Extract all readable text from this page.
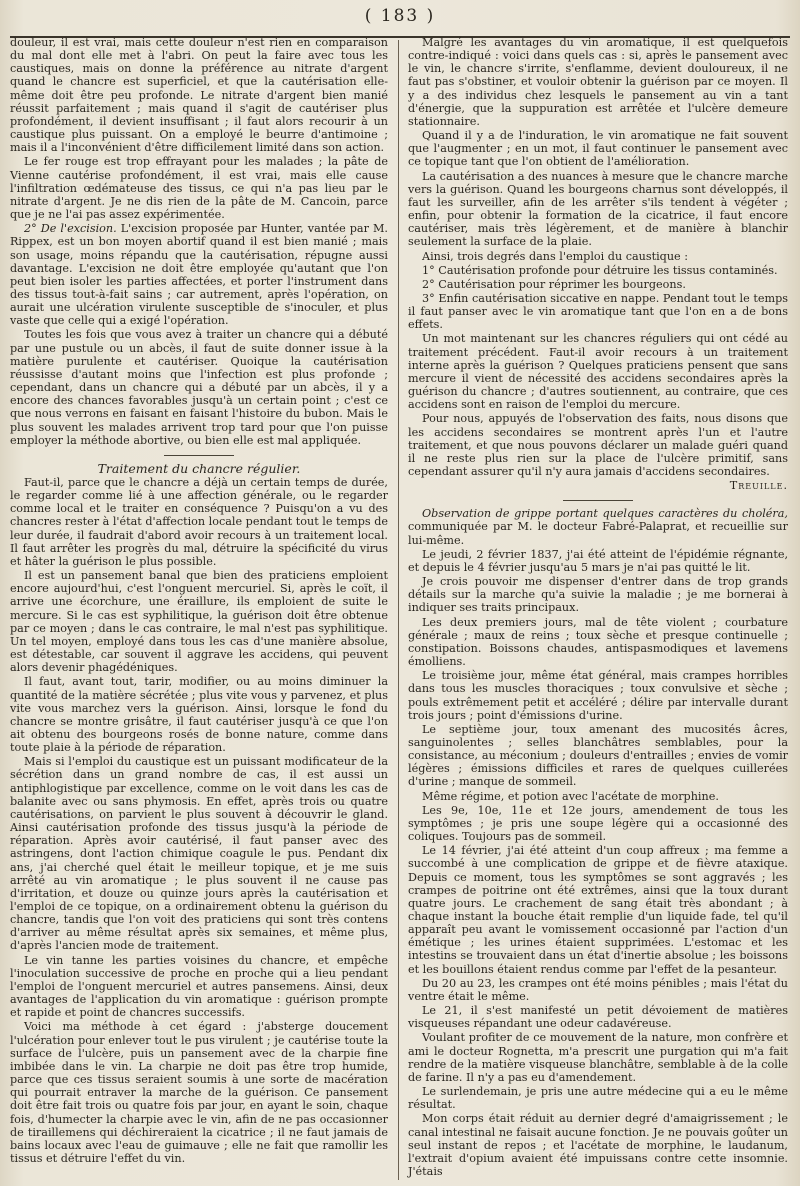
( 183 )

douleur, il est vrai, mais cette douleur n'est rien en comparaison du mal dont elle met à l'abri. On peut la faire avec tous les caustiques, mais on donne la préférence au nitrate d'argent quand le chancre est superficiel, et que la cautérisation elle-même doit être peu profonde. Le nitrate d'argent bien manié réussit parfaitement ; mais quand il s'agit de cautériser plus profondément, il devient insuffisant ; il faut alors recourir à un caustique plus puissant. On a employé le beurre d'antimoine ; mais il a l'inconvénient d'être difficilement limité dans son action.

Le fer rouge est trop effrayant pour les malades ; la pâte de Vienne cautérise profondément, il est vrai, mais elle cause l'infiltration œdémateuse des tissus, ce qui n'a pas lieu par le nitrate d'argent. Je ne dis rien de la pâte de M. Cancoin, parce que je ne l'ai pas assez expérimentée.

2° De l'excision. L'excision proposée par Hunter, vantée par M. Rippex, est un bon moyen abortif quand il est bien manié ; mais son usage, moins répandu que la cautérisation, répugne aussi davantage. L'excision ne doit être employée qu'autant que l'on peut bien isoler les parties affectées, et porter l'instrument dans des tissus tout-à-fait sains ; car autrement, après l'opération, on aurait une ulcération virulente susceptible de s'inoculer, et plus vaste que celle qui a exigé l'opération.

Toutes les fois que vous avez à traiter un chancre qui a débuté par une pustule ou un abcès, il faut de suite donner issue à la matière purulente et cautériser. Quoique la cautérisation réussisse d'autant moins que l'infection est plus profonde ; cependant, dans un chancre qui a débuté par un abcès, il y a encore des chances favorables jusqu'à un certain point ; c'est ce que nous verrons en faisant en faisant l'histoire du bubon. Mais le plus souvent les malades arrivent trop tard pour que l'on puisse employer la méthode abortive, ou bien elle est mal appliquée.

Traitement du chancre régulier.

Faut-il, parce que le chancre a déjà un certain temps de durée, le regarder comme lié à une affection générale, ou le regarder comme local et le traiter en conséquence ? Puisqu'on a vu des chancres rester à l'état d'affection locale pendant tout le temps de leur durée, il faudrait d'abord avoir recours à un traitement local. Il faut arrêter les progrès du mal, détruire la spécificité du virus et hâter la guérison le plus possible.

Il est un pansement banal que bien des praticiens emploient encore aujourd'hui, c'est l'onguent mercuriel. Si, après le coït, il arrive une écorchure, une éraillure, ils emploient de suite le mercure. Si le cas est syphilitique, la guérison doit être obtenue par ce moyen ; dans le cas contraire, le mal n'est pas syphilitique. Un tel moyen, employé dans tous les cas d'une manière absolue, est détestable, car souvent il aggrave les accidens, qui peuvent alors devenir phagédéniques.

Il faut, avant tout, tarir, modifier, ou au moins diminuer la quantité de la matière sécrétée ; plus vite vous y parvenez, et plus vite vous marchez vers la guérison. Ainsi, lorsque le fond du chancre se montre grisâtre, il faut cautériser jusqu'à ce que l'on ait obtenu des bourgeons rosés de bonne nature, comme dans toute plaie à la période de réparation.

Mais si l'emploi du caustique est un puissant modificateur de la sécrétion dans un grand nombre de cas, il est aussi un antiphlogistique par excellence, comme on le voit dans les cas de balanite avec ou sans phymosis. En effet, après trois ou quatre cautérisations, on parvient le plus souvent à découvrir le gland. Ainsi cautérisation profonde des tissus jusqu'à la période de réparation. Après avoir cautérisé, il faut panser avec des astringens, dont l'action chimique coagule le pus. Pendant dix ans, j'ai cherché quel était le meilleur topique, et je me suis arrêté au vin aromatique ; le plus souvent il ne cause pas d'irritation, et douze ou quinze jours après la cautérisation et l'emploi de ce topique, on a ordinairement obtenu la guérison du chancre, tandis que l'on voit des praticiens qui sont très contens d'arriver au même résultat après six semaines, et même plus, d'après l'ancien mode de traitement.

Le vin tanne les parties voisines du chancre, et empêche l'inoculation successive de proche en proche qui a lieu pendant l'emploi de l'onguent mercuriel et autres pansemens. Ainsi, deux avantages de l'application du vin aromatique : guérison prompte et rapide et point de chancres successifs.

Voici ma méthode à cet égard : j'absterge doucement l'ulcération pour enlever tout le pus virulent ; je cautérise toute la surface de l'ulcère, puis un pansement avec de la charpie fine imbibée dans le vin. La charpie ne doit pas être trop humide, parce que ces tissus seraient soumis à une sorte de macération qui pourrait entraver la marche de la guérison. Ce pansement doit être fait trois ou quatre fois par jour, en ayant le soin, chaque fois, d'humecter la charpie avec le vin, afin de ne pas occasionner de tiraillemens qui déchireraient la cicatrice ; il ne faut jamais de bains locaux avec l'eau de guimauve ; elle ne fait que ramollir les tissus et détruire l'effet du vin.

Malgré les avantages du vin aromatique, il est quelquefois contre-indiqué : voici dans quels cas : si, après le pansement avec le vin, le chancre s'irrite, s'enflamme, devient douloureux, il ne faut pas s'obstiner, et vouloir obtenir la guérison par ce moyen. Il y a des individus chez lesquels le pansement au vin a tant d'énergie, que la suppuration est arrêtée et l'ulcère demeure stationnaire.

Quand il y a de l'induration, le vin aromatique ne fait souvent que l'augmenter ; en un mot, il faut continuer le pansement avec ce topique tant que l'on obtient de l'amélioration.

La cautérisation a des nuances à mesure que le chancre marche vers la guérison. Quand les bourgeons charnus sont développés, il faut les surveiller, afin de les arrêter s'ils tendent à végéter ; enfin, pour obtenir la formation de la cicatrice, il faut encore cautériser, mais très légèrement, et de manière à blanchir seulement la surface de la plaie.

Ainsi, trois degrés dans l'emploi du caustique :

1° Cautérisation profonde pour détruire les tissus contaminés.

2° Cautérisation pour réprimer les bourgeons.

3° Enfin cautérisation siccative en nappe. Pendant tout le temps il faut panser avec le vin aromatique tant que l'on en a de bons effets.

Un mot maintenant sur les chancres réguliers qui ont cédé au traitement précédent. Faut-il avoir recours à un traitement interne après la guérison ? Quelques praticiens pensent que sans mercure il vient de nécessité des accidens secondaires après la guérison du chancre ; d'autres soutiennent, au contraire, que ces accidens sont en raison de l'emploi du mercure.

Pour nous, appuyés de l'observation des faits, nous disons que les accidens secondaires se montrent après l'un et l'autre traitement, et que nous pouvons déclarer un malade guéri quand il ne reste plus rien sur la place de l'ulcère primitif, sans cependant assurer qu'il n'y aura jamais d'accidens secondaires.

Treuille.

Observation de grippe portant quelques caractères du choléra, communiquée par M. le docteur Fabré-Palaprat, et recueillie sur lui-même.

Le jeudi, 2 février 1837, j'ai été atteint de l'épidémie régnante, et depuis le 4 février jusqu'au 5 mars je n'ai pas quitté le lit.

Je crois pouvoir me dispenser d'entrer dans de trop grands détails sur la marche qu'a suivie la maladie ; je me bornerai à indiquer ses traits principaux.

Les deux premiers jours, mal de tête violent ; courbature générale ; maux de reins ; toux sèche et presque continuelle ; constipation. Boissons chaudes, antispasmodiques et lavemens émolliens.

Le troisième jour, même état général, mais crampes horribles dans tous les muscles thoraciques ; toux convulsive et sèche ; pouls extrêmement petit et accéléré ; délire par intervalle durant trois jours ; point d'émissions d'urine.

Le septième jour, toux amenant des mucosités âcres, sanguinolentes ; selles blanchâtres semblables, pour la consistance, au méconium ; douleurs d'entrailles ; envies de vomir légères ; émissions difficiles et rares de quelques cuillerées d'urine ; manque de sommeil.

Même régime, et potion avec l'acétate de morphine.

Les 9e, 10e, 11e et 12e jours, amendement de tous les symptômes ; je pris une soupe légère qui a occasionné des coliques. Toujours pas de sommeil.

Le 14 février, j'ai été atteint d'un coup affreux ; ma femme a succombé à une complication de grippe et de fièvre ataxique. Depuis ce moment, tous les symptômes se sont aggravés ; les crampes de poitrine ont été extrêmes, ainsi que la toux durant quatre jours. Le crachement de sang était très abondant ; à chaque instant la bouche était remplie d'un liquide fade, tel qu'il apparaît peu avant le vomissement occasionné par l'action d'un émétique ; les urines étaient supprimées. L'estomac et les intestins se trouvaient dans un état d'inertie absolue ; les boissons et les bouillons étaient rendus comme par l'effet de la pesanteur.

Du 20 au 23, les crampes ont été moins pénibles ; mais l'état du ventre était le même.

Le 21, il s'est manifesté un petit dévoiement de matières visqueuses répandant une odeur cadavéreuse.

Voulant profiter de ce mouvement de la nature, mon confrère et ami le docteur Rognetta, m'a prescrit une purgation qui m'a fait rendre de la matière visqueuse blanchâtre, semblable à de la colle de farine. Il n'y a pas eu d'amendement.

Le surlendemain, je pris une autre médecine qui a eu le même résultat.

Mon corps était réduit au dernier degré d'amaigrissement ; le canal intestinal ne faisait aucune fonction. Je ne pouvais goûter un seul instant de repos ; et l'acétate de morphine, le laudanum, l'extrait d'opium avaient été impuissans contre cette insomnie. J'étais
